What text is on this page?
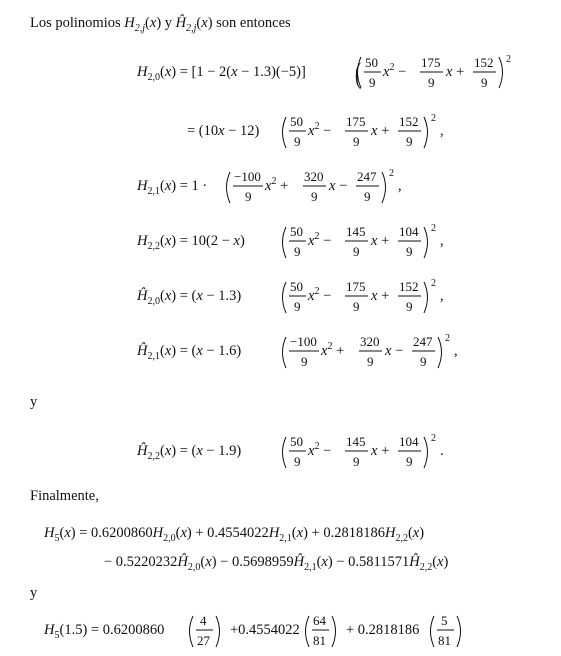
Los polinomios $H_{2,j}(x)$ y $Ĥ_{2,j}(x)$ son entonces
$H_{2,0}(x) = [1 - 2(x - 1.3)(-5)]$ ( 50
9
$x^2$ −
175
9
x +
152
9
2
= (10x − 12)
50
9
$x^2$ −
175
9
x +
152
9
2
,
$H_{2,1}(x) = 1$ ·
−100
9
$x^2$ +
320
9
x −
247
9
2
,
$H_{2,2}(x) = 10(2 - x)$
50
9
$x^2$ −
145
9
x +
104
9
2
,
$Ĥ_{2,0}(x) = (x - 1.3)$
50
9
$x^2$ −
175
9
x +
152
9
2
,
$Ĥ_{2,1}(x) = (x - 1.6)$
−100
9
$x^2$ +
320
9
x −
247
9
2
,
$Ĥ_{2,2}(x) = (x - 1.9)$
50
9
$x^2$ −
145
9
x +
104
9
2
.
$H_5(x) = 0.6200860H_{2,0}(x) + 0.4554022H_{2,1}(x) + 0.2818186H_{2,2}(x)$
− $0.5220232Ĥ_{2,0}(x)$ − $0.5698959Ĥ_{2,1}(x)$ − $0.5811571Ĥ_{2,2}(x)$
$H_5(1.5) = 0.6200860$
4
27
+0.4554022
64
81
+ 0.2818186
5
81
y
Finalmente,
y
